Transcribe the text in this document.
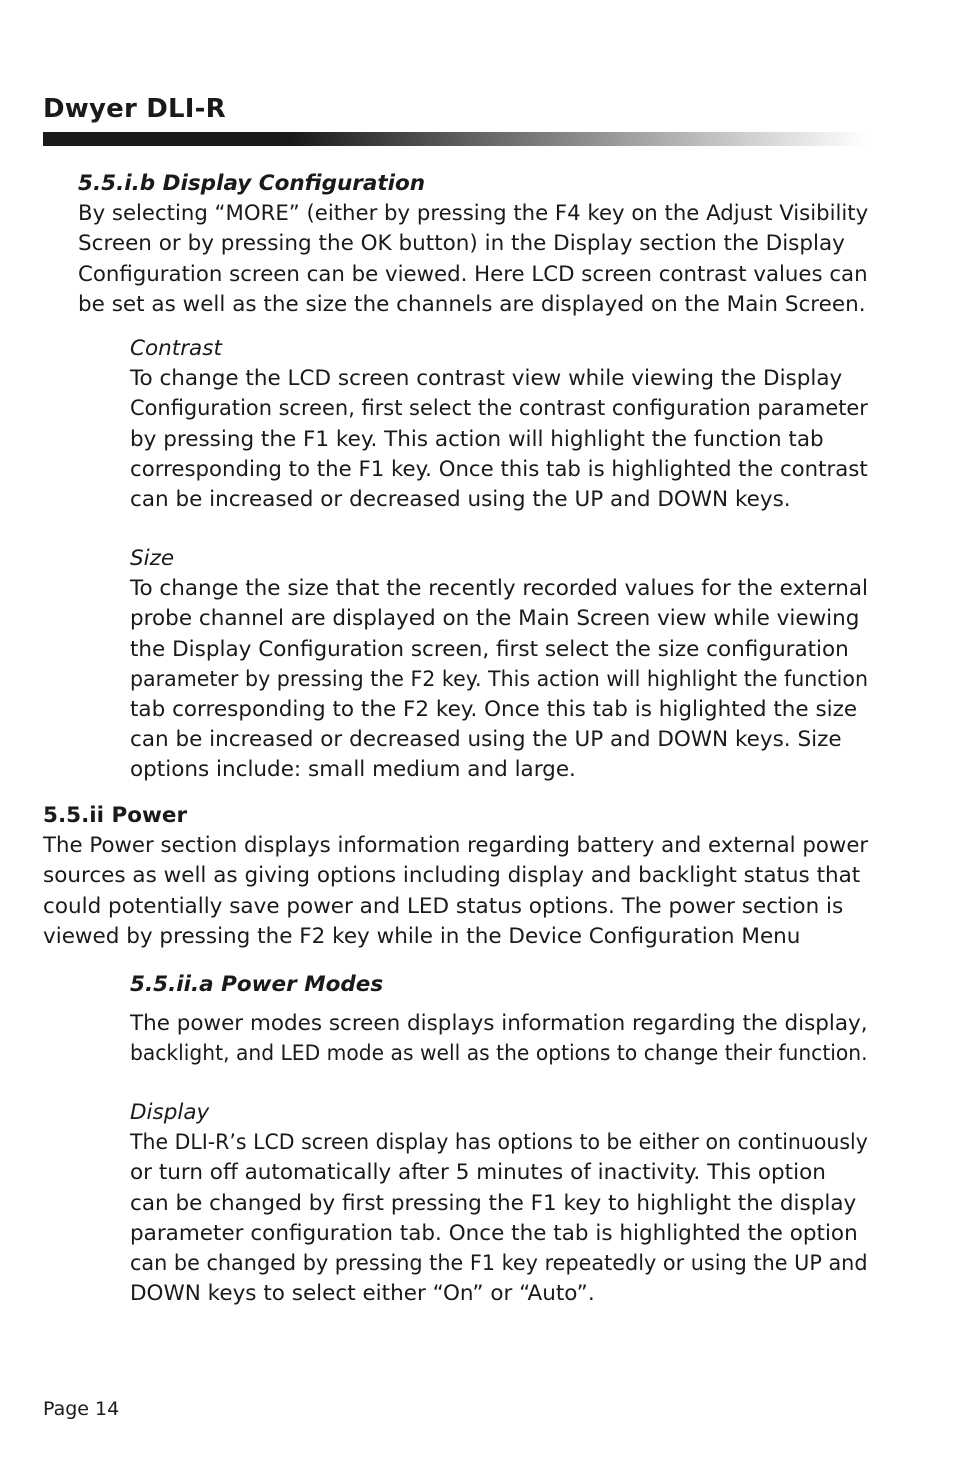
Dwyer DLI-R

5.5.i.b Display Configuration

By selecting “MORE” (either by pressing the F4 key on the Adjust Visibility

Screen or by pressing the OK button) in the Display section the Display

Configuration screen can be viewed. Here LCD screen contrast values can

be set as well as the size the channels are displayed on the Main Screen.

Contrast

To change the LCD screen contrast view while viewing the Display

Configuration screen, first select the contrast configuration parameter

by pressing the F1 key. This action will highlight the function tab

corresponding to the F1 key. Once this tab is highlighted the contrast

can be increased or decreased using the UP and DOWN keys.

Size

To change the size that the recently recorded values for the external

probe channel are displayed on the Main Screen view while viewing

the Display Configuration screen, first select the size configuration

parameter by pressing the F2 key. This action will highlight the function

tab corresponding to the F2 key. Once this tab is higlighted the size

can be increased or decreased using the UP and DOWN keys. Size

options include: small medium and large.

5.5.ii Power

The Power section displays information regarding battery and external power

sources as well as giving options including display and backlight status that

could potentially save power and LED status options. The power section is

viewed by pressing the F2 key while in the Device Configuration Menu

5.5.ii.a Power Modes

The power modes screen displays information regarding the display,

backlight, and LED mode as well as the options to change their function.

Display

The DLI-R’s LCD screen display has options to be either on continuously

or turn off automatically after 5 minutes of inactivity. This option

can be changed by first pressing the F1 key to highlight the display

parameter configuration tab. Once the tab is highlighted the option

can be changed by pressing the F1 key repeatedly or using the UP and

DOWN keys to select either “On” or “Auto”.

Page 14
